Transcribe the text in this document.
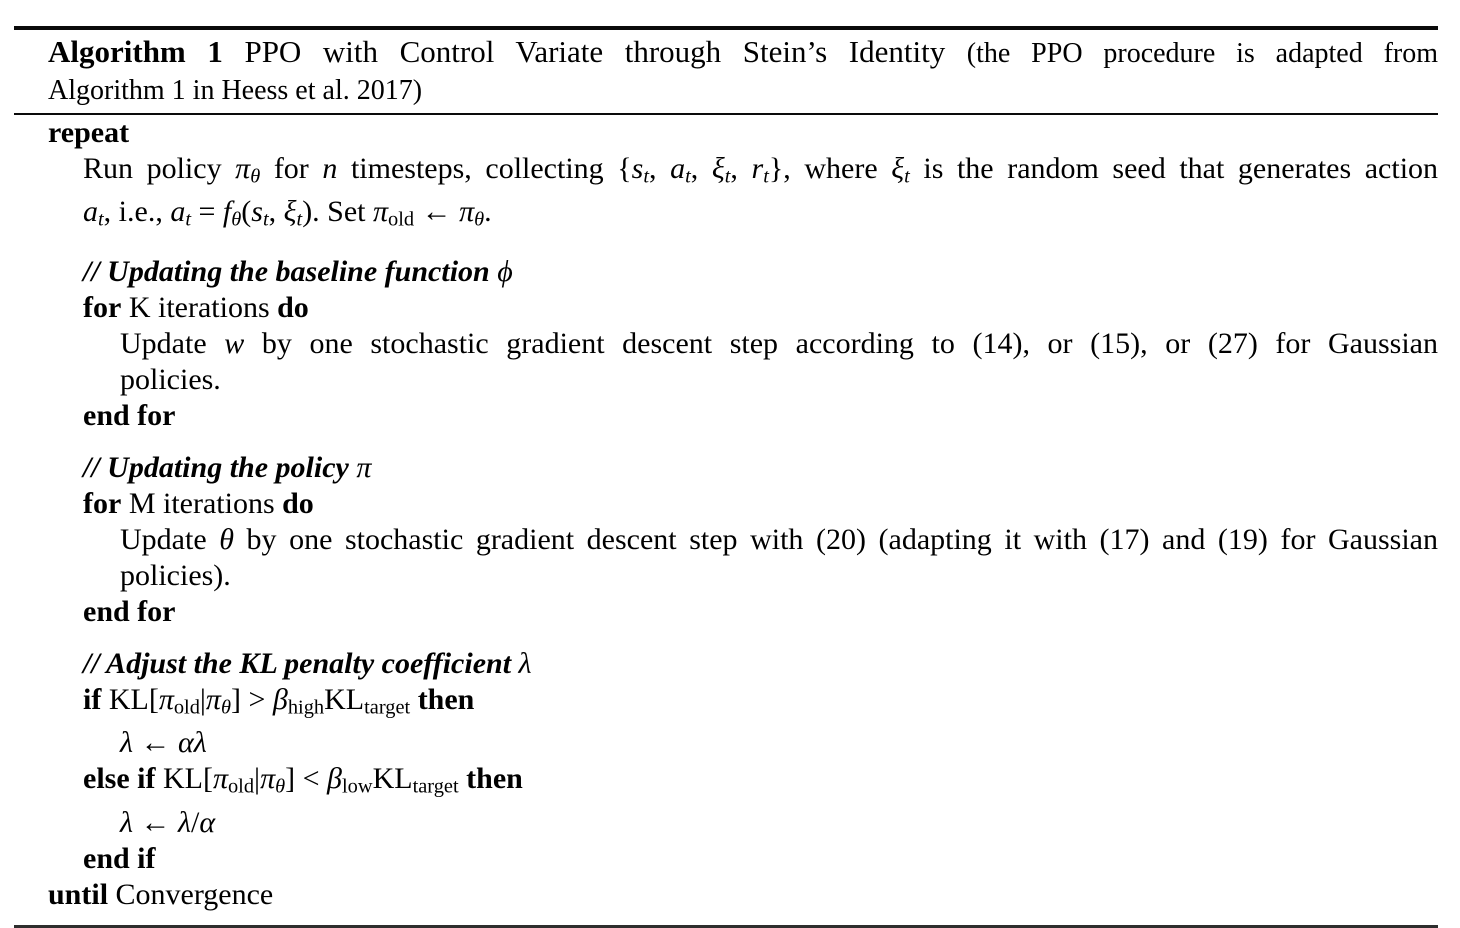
Algorithm 1 PPO with Control Variate through Stein’s Identity (the PPO procedure is adapted from
Algorithm 1 in Heess et al. 2017)
repeat
Run policy πθ for n timesteps, collecting {st, at, ξt, rt}, where ξt is the random seed that generates action
at, i.e., at = fθ(st, ξt). Set $\pi_{old}$ ← πθ.
// Updating the baseline function ϕ
for K iterations do
Update w by one stochastic gradient descent step according to (14), or (15), or (27) for Gaussian
policies.
end for
// Updating the policy π
for M iterations do
Update θ by one stochastic gradient descent step with (20) (adapting it with (17) and (19) for Gaussian
policies).
end for
// Adjust the KL penalty coefficient λ
if $KL[\pi_{old}|\pi\theta] > \beta_{high}KL_{target}$ then
λ ← αλ
else if $KL[\pi_{old}|\pi\theta] < \beta_{low}KL_{target}$ then
λ ← λ/α
end if
until Convergence
